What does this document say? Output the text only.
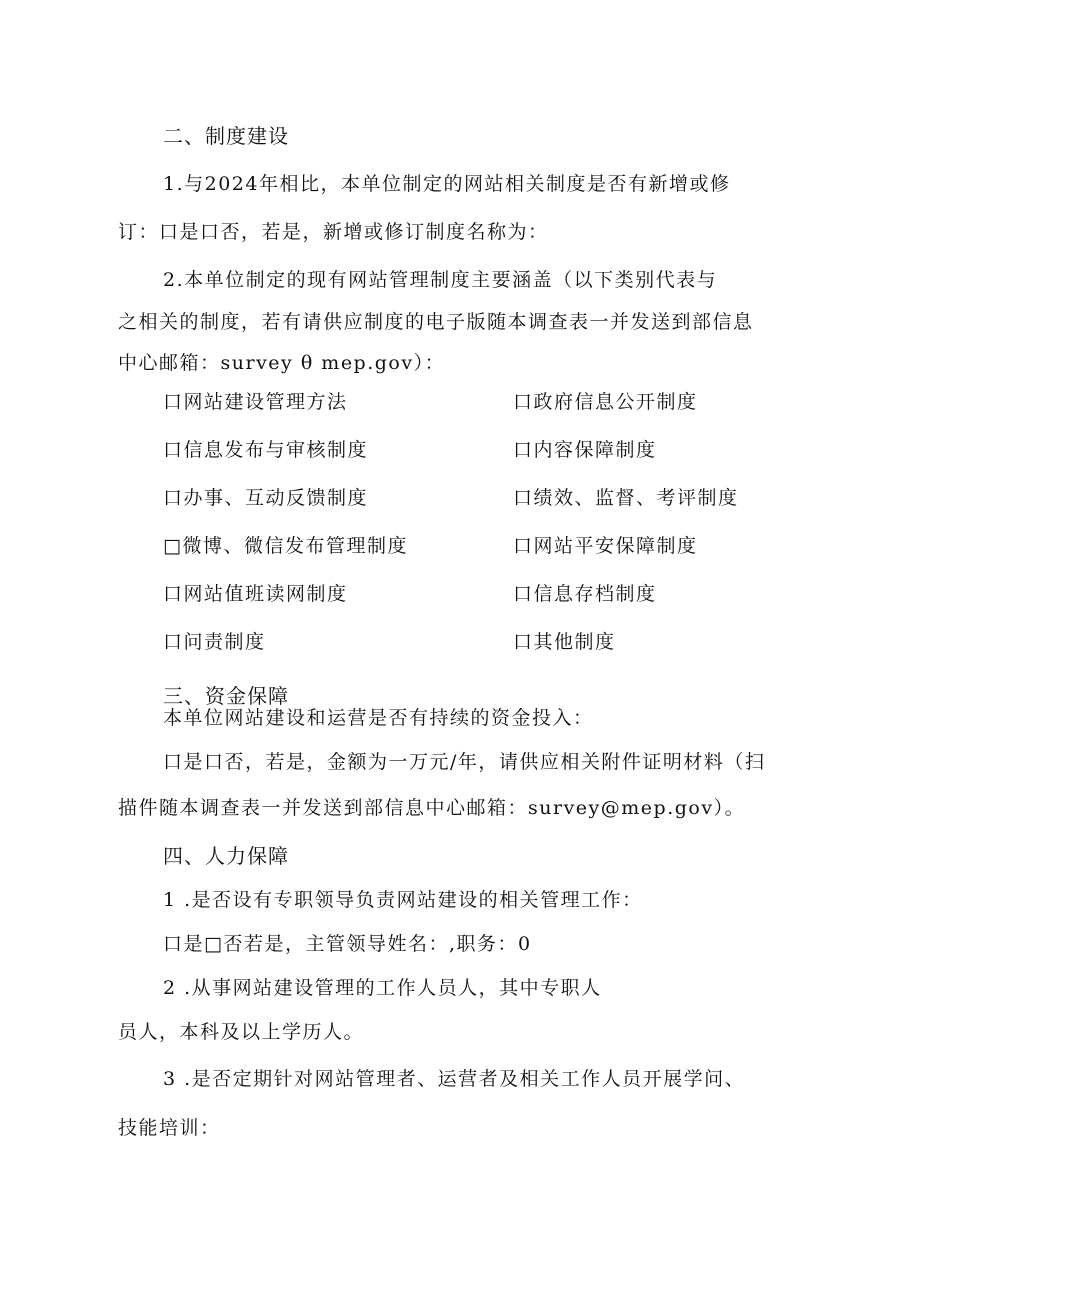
二、制度建设
1.与2024年相比，本单位制定的网站相关制度是否有新增或修
订：口是口否，若是，新增或修订制度名称为：
2.本单位制定的现有网站管理制度主要涵盖（以下类别代表与
之相关的制度，若有请供应制度的电子版随本调查表一并发送到部信息
中心邮箱：survey θ mep.gov）：
口网站建设管理方法	口政府信息公开制度
口信息发布与审核制度	口内容保障制度
口办事、互动反馈制度	口绩效、监督、考评制度
□微博、微信发布管理制度	口网站平安保障制度
口网站值班读网制度	口信息存档制度
口问责制度	口其他制度
三、资金保障
本单位网站建设和运营是否有持续的资金投入：
口是口否，若是，金额为一万元/年，请供应相关附件证明材料（扫
描件随本调查表一并发送到部信息中心邮箱：survey@mep.gov）。
四、人力保障
1 .是否设有专职领导负责网站建设的相关管理工作：
口是□否若是，主管领导姓名：,职务：0
2 .从事网站建设管理的工作人员人，其中专职人
员人，本科及以上学历人。
3 .是否定期针对网站管理者、运营者及相关工作人员开展学问、
技能培训：
